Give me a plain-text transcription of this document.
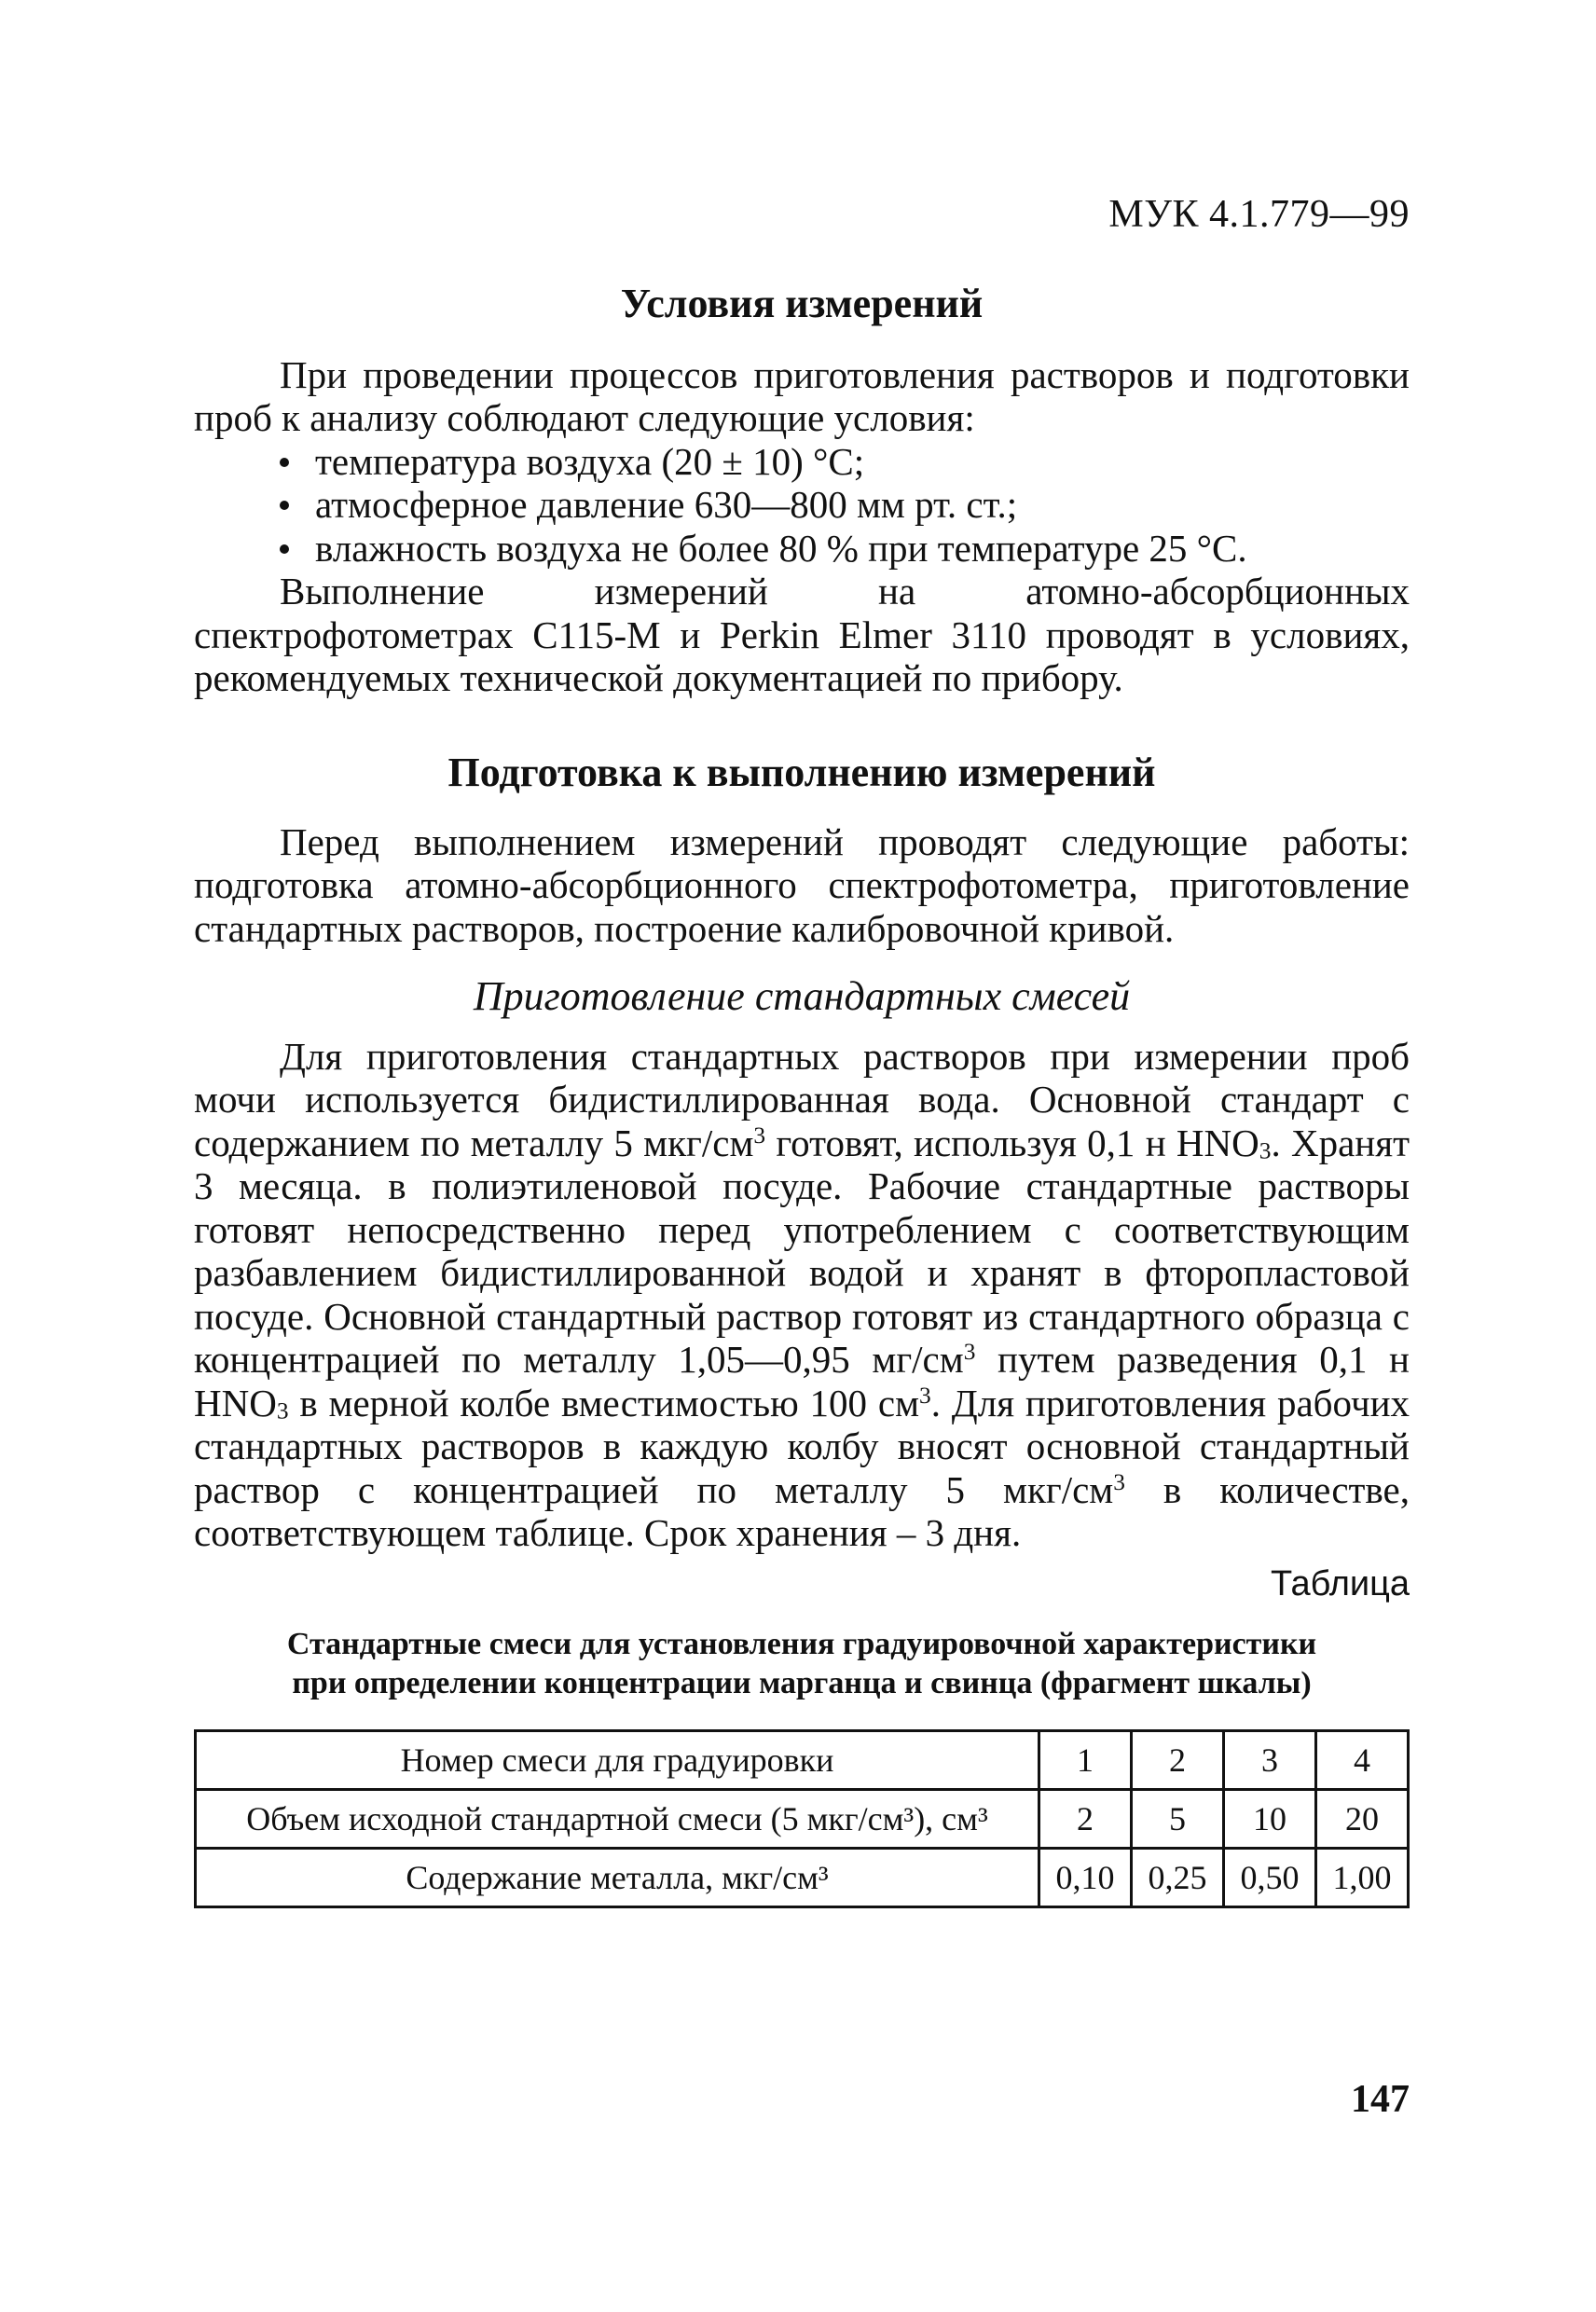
МУК 4.1.779—99
Условия измерений

При проведении процессов приготовления растворов и подготовки проб к анализу соблюдают следующие условия:

температура воздуха (20 ± 10) °С;
атмосферное давление 630—800 мм рт. ст.;
влажность воздуха не более 80 % при температуре 25 °С.

Выполнение измерений на атомно-абсорбционных спектрофотометрах С115-М и Perkin Elmer 3110 проводят в условиях, рекомендуемых технической документацией по прибору.

Подготовка к выполнению измерений

Перед выполнением измерений проводят следующие работы: подготовка атомно-абсорбционного спектрофотометра, приготовление стандартных растворов, построение калибровочной кривой.

Приготовление стандартных смесей

Для приготовления стандартных растворов при измерении проб мочи используется бидистиллированная вода. Основной стандарт с содержанием по металлу 5 мкг/$см^3$ готовят, используя 0,1 н $HNO_3$. Хранят 3 месяца. в полиэтиленовой посуде. Рабочие стандартные растворы готовят непосредственно перед употреблением с соответствующим разбавлением бидистиллированной водой и хранят в фторопластовой посуде. Основной стандартный раствор готовят из стандартного образца с концентрацией по металлу 1,05—0,95 $мг/см^3$ путем разведения 0,1 н $HNO_3$ в мерной колбе вместимостью 100 $см^3$. Для приготовления рабочих стандартных растворов в каждую колбу вносят основной стандартный раствор с концентрацией по металлу 5 мкг/$см^3$ в количестве, соответствующем таблице. Срок хранения – 3 дня.

Таблица

Стандартные смеси для установления градуировочной характеристики

при определении концентрации марганца и свинца (фрагмент шкалы)

Номер смеси для градуировки	1	2	3	4
Объем исходной стандартной смеси (5 мкг/см³), см³	2	5	10	20
Содержание металла, мкг/см³	0,10	0,25	0,50	1,00
147
